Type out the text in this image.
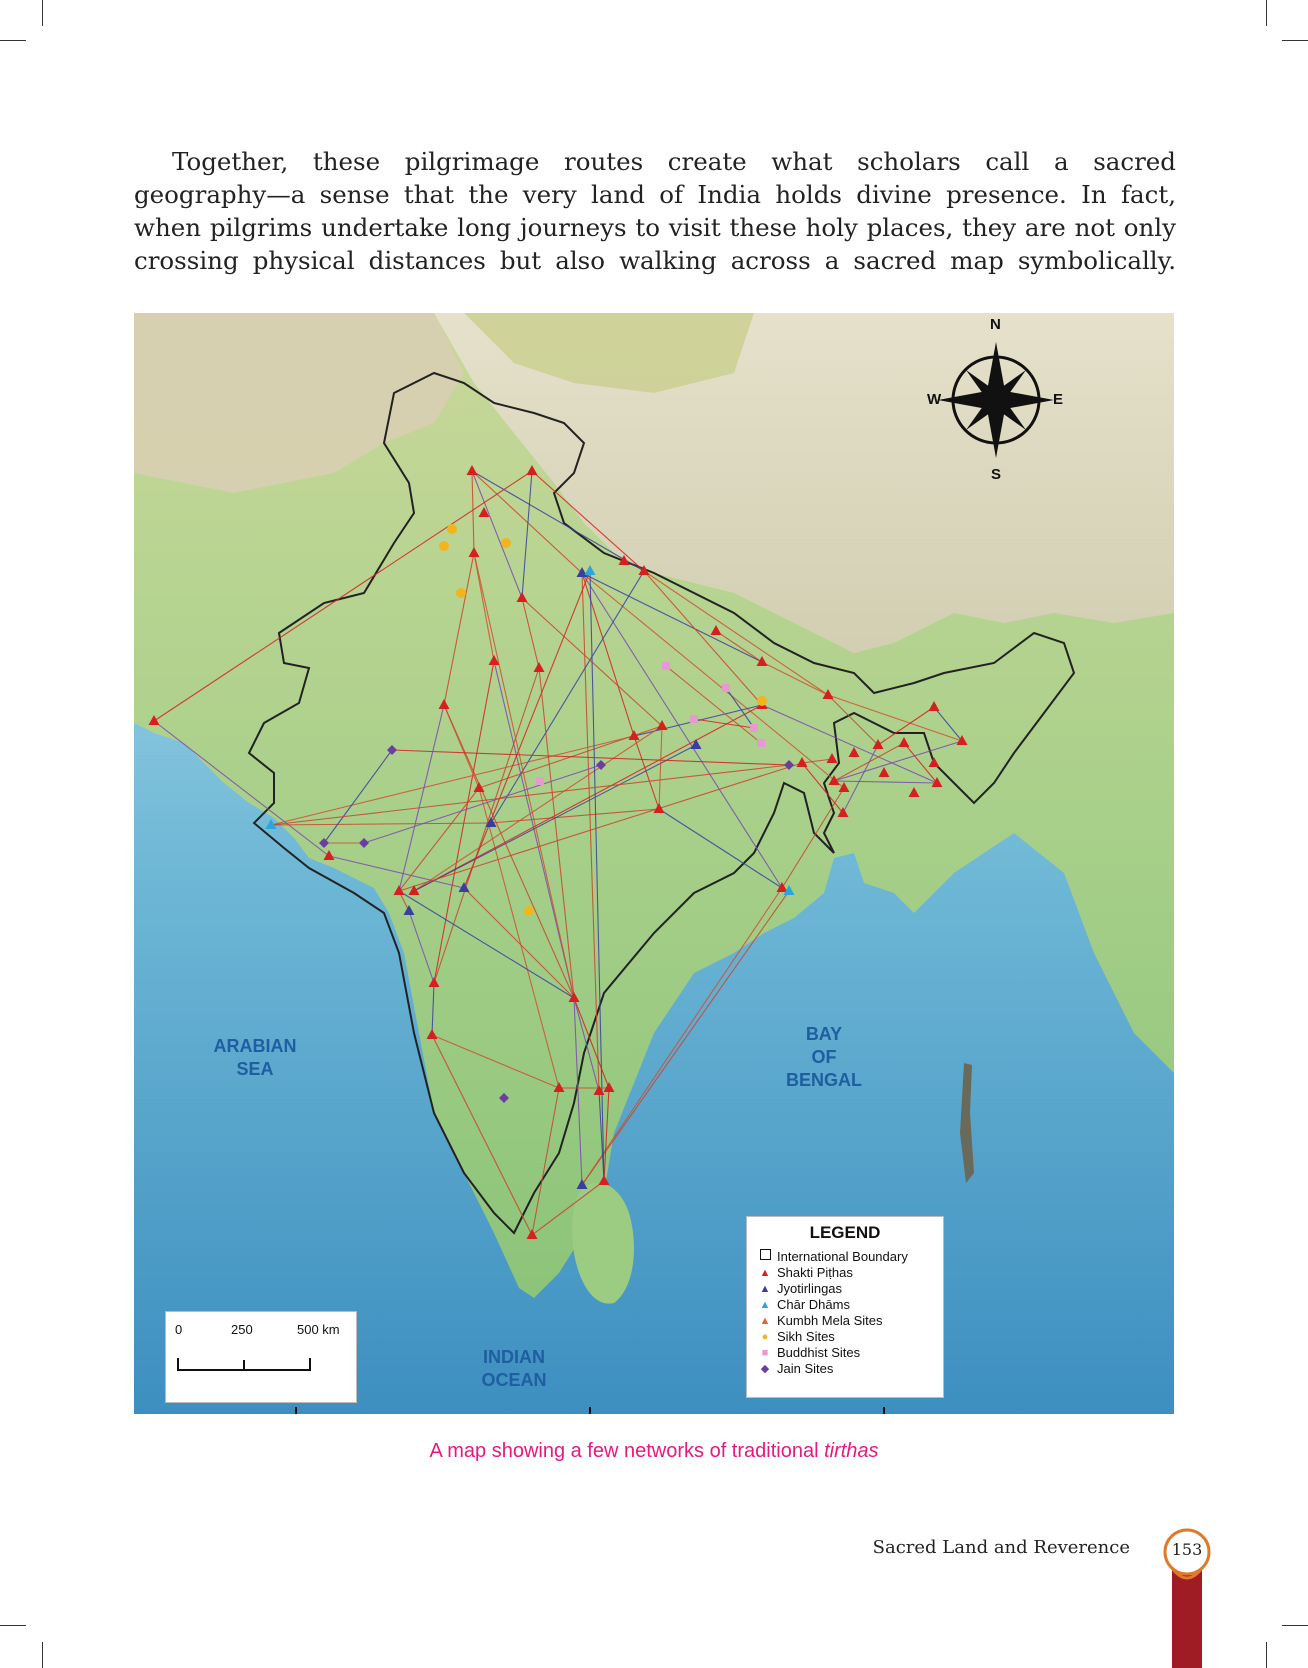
Together, these pilgrimage routes create what scholars call a sacred
geography—a sense that the very land of India holds divine presence. In fact,
when pilgrims undertake long journeys to visit these holy places, they are not only
crossing physical distances but also walking across a sacred map symbolically.

N
W	E
S
ARABIAN
SEA
BAY
OF
BENGAL
INDIAN
OCEAN
0	250	500 km
LEGEND
International Boundary
▲ Shakti Piṭhas
▲ Jyotirlingas
▲ Chār Dhāms
▲ Kumbh Mela Sites
● Sikh Sites
■ Buddhist Sites
◆ Jain Sites
A map showing a few networks of traditional tirthas
Sacred Land and Reverence	153
